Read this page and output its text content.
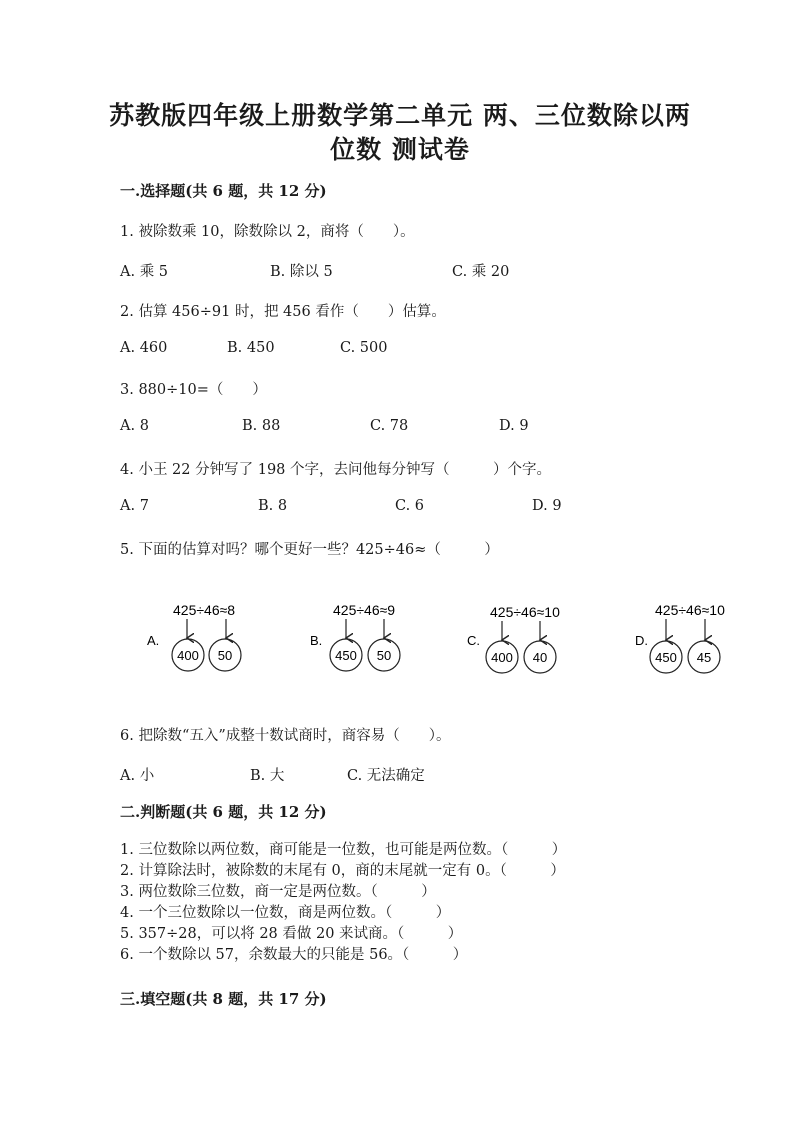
苏教版四年级上册数学第二单元 两、三位数除以两
位数 测试卷
一.选择题(共 6 题，共 12 分)
1. 被除数乘 10，除数除以 2，商将（　　）。
A. 乘 5	B. 除以 5	C. 乘 20
2. 估算 456÷91 时，把 456 看作（　　）估算。
A. 460	B. 450	C. 500
3. 880÷10=（　　）
A. 8	B. 88	C. 78	D. 9
4. 小王 22 分钟写了 198 个字，去问他每分钟写（　　　）个字。
A. 7	B. 8	C. 6	D. 9
5. 下面的估算对吗？哪个更好一些？425÷46≈（　　　）
A.
425÷46≈8
400 50
B.
425÷46≈9
450 50
C.
425÷46≈10
400 40
D.
425÷46≈10
450 45
6. 把除数“五入”成整十数试商时，商容易（　　）。
A. 小	B. 大	C. 无法确定
二.判断题(共 6 题，共 12 分)
1. 三位数除以两位数，商可能是一位数，也可能是两位数。（　　　）
2. 计算除法时，被除数的末尾有 0，商的末尾就一定有 0。（　　　）
3. 两位数除三位数，商一定是两位数。（　　　）
4. 一个三位数除以一位数，商是两位数。（　　　）
5. 357÷28，可以将 28 看做 20 来试商。（　　　）
6. 一个数除以 57，余数最大的只能是 56。（　　　）
三.填空题(共 8 题，共 17 分)
